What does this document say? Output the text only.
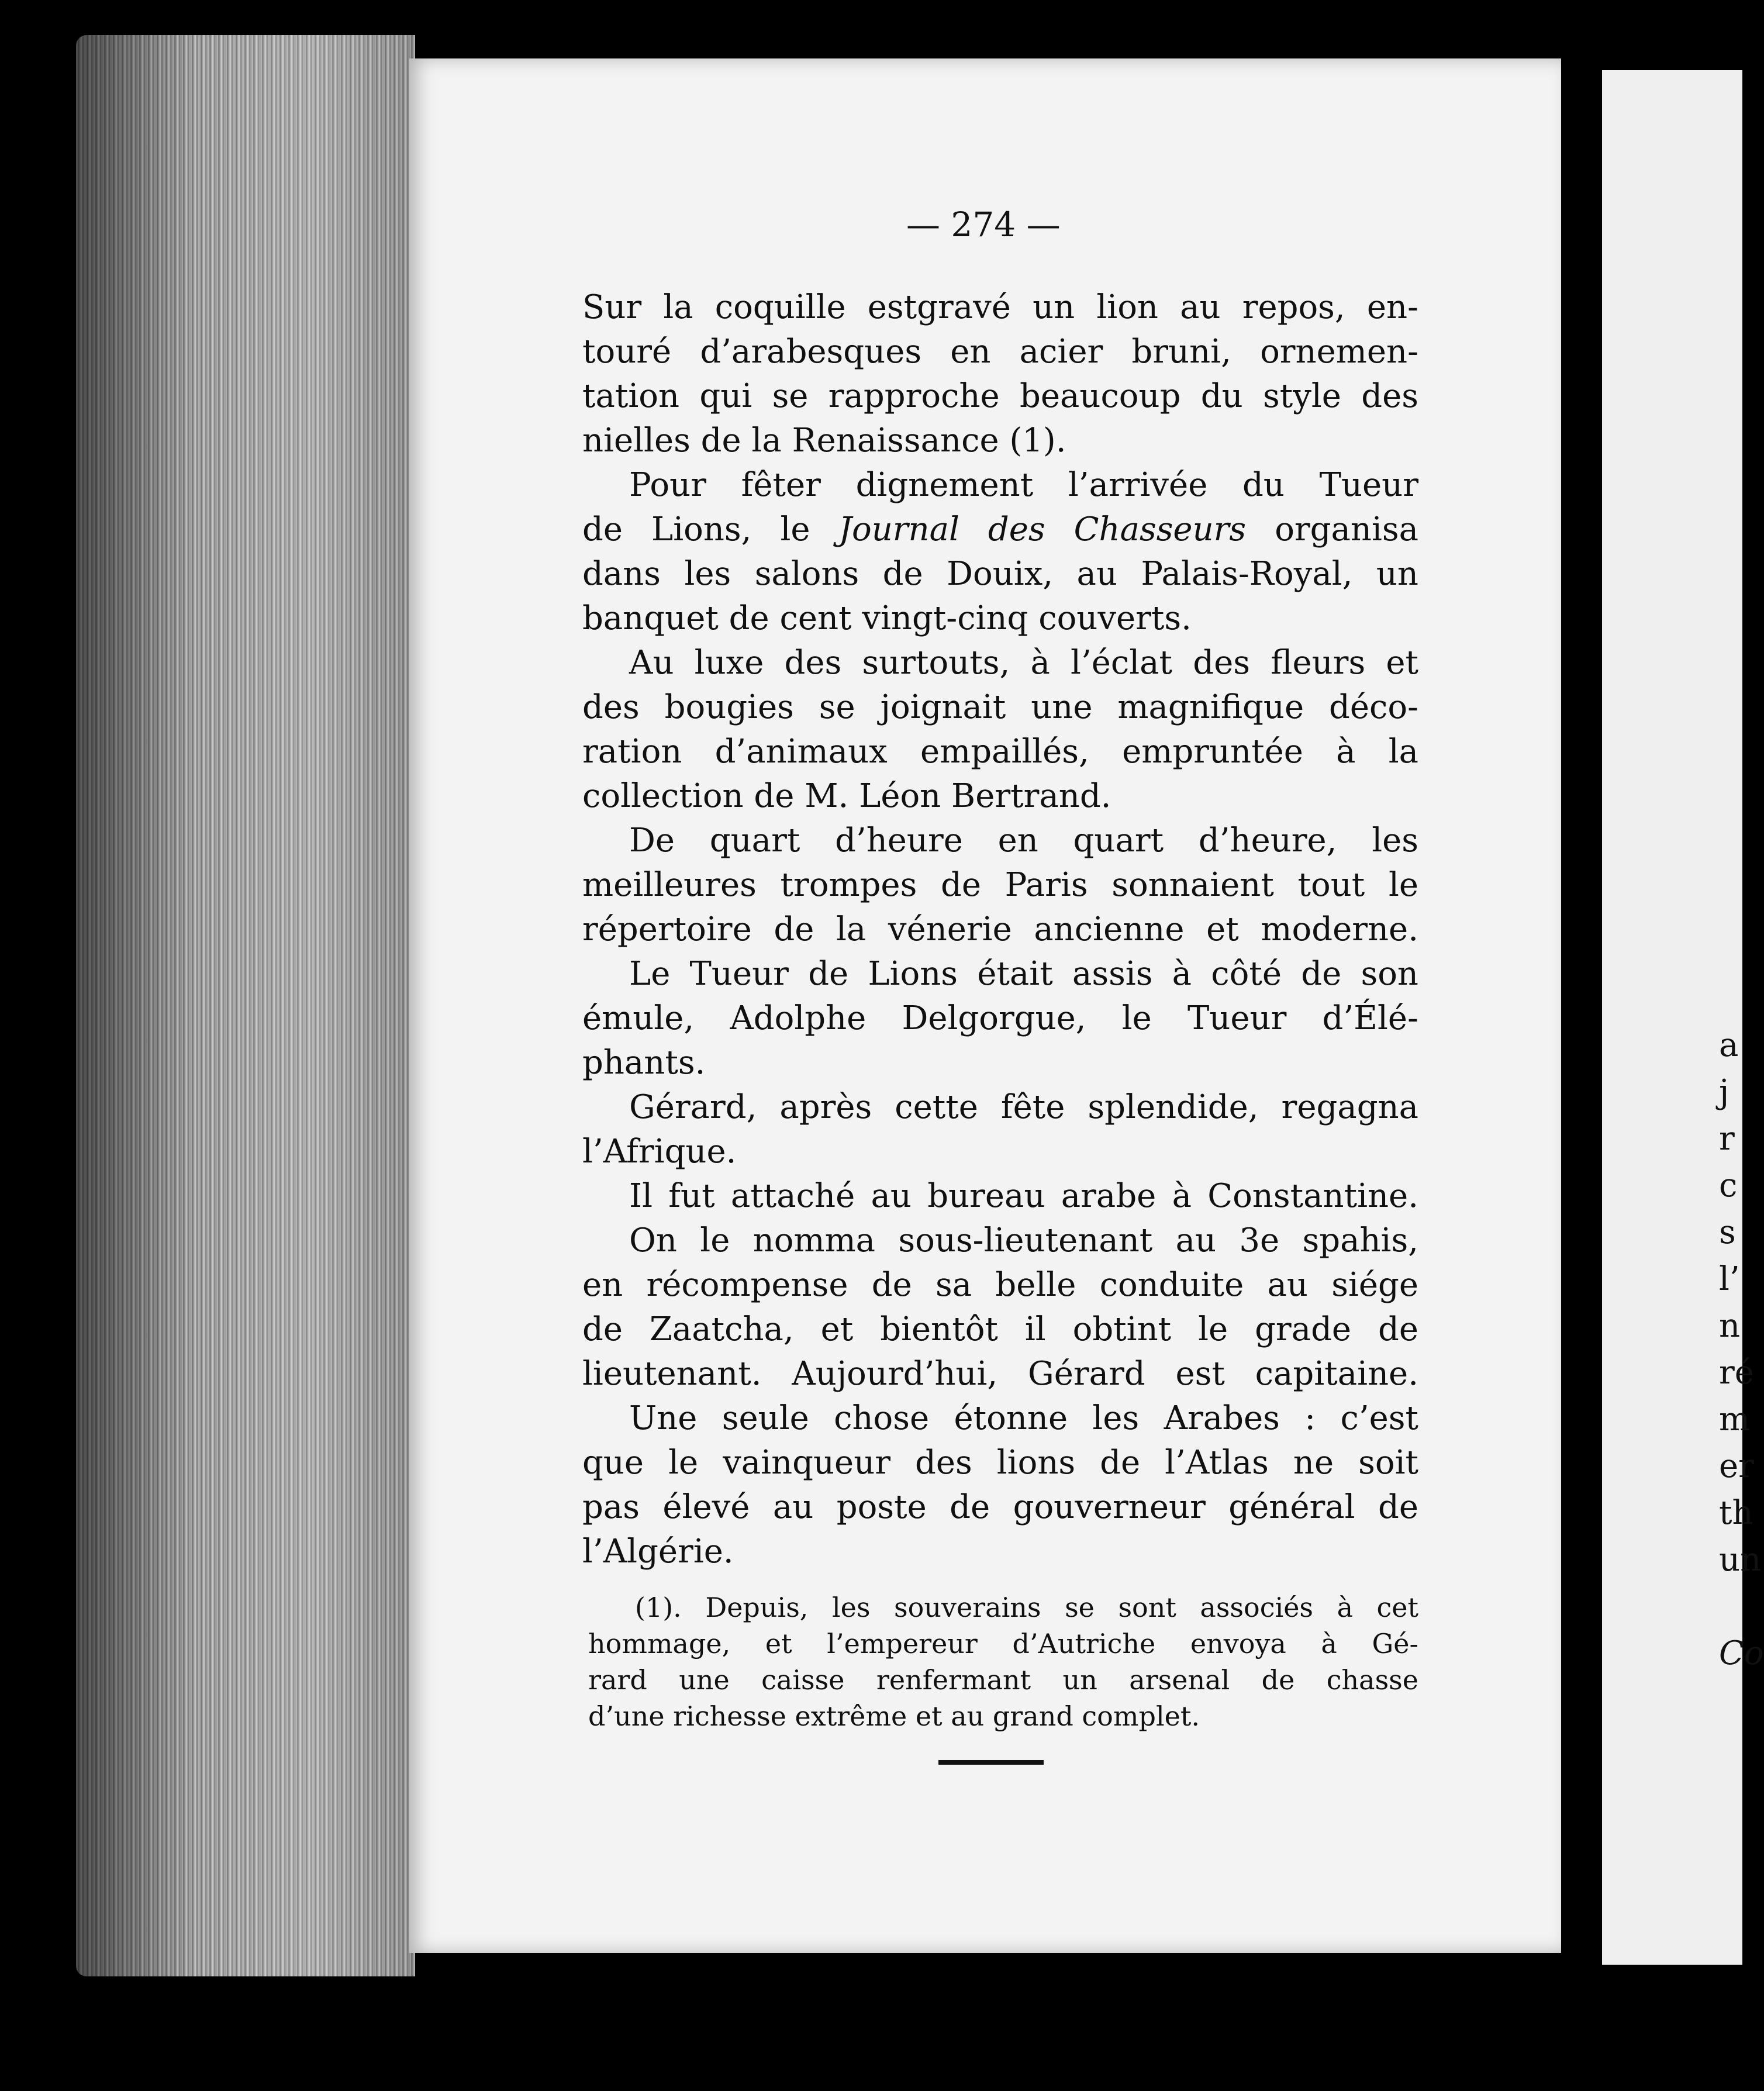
a
j
r
c
s
l’
n
ré
m
er
th
un
Co
— 274 —
Sur la coquille estgravé un lion au repos, en-
touré d’arabesques en acier bruni, ornemen-
tation qui se rapproche beaucoup du style des
nielles de la Renaissance (1).
Pour fêter dignement l’arrivée du Tueur
de Lions, le Journal des Chasseurs organisa
dans les salons de Douix, au Palais-Royal, un
banquet de cent vingt-cinq couverts.
Au luxe des surtouts, à l’éclat des fleurs et
des bougies se joignait une magnifique déco-
ration d’animaux empaillés, empruntée à la
collection de M. Léon Bertrand.
De quart d’heure en quart d’heure, les
meilleures trompes de Paris sonnaient tout le
répertoire de la vénerie ancienne et moderne.
Le Tueur de Lions était assis à côté de son
émule, Adolphe Delgorgue, le Tueur d’Élé-
phants.
Gérard, après cette fête splendide, regagna
l’Afrique.
Il fut attaché au bureau arabe à Constantine.
On le nomma sous-lieutenant au 3e spahis,
en récompense de sa belle conduite au siége
de Zaatcha, et bientôt il obtint le grade de
lieutenant. Aujourd’hui, Gérard est capitaine.
Une seule chose étonne les Arabes : c’est
que le vainqueur des lions de l’Atlas ne soit
pas élevé au poste de gouverneur général de
l’Algérie.
(1). Depuis, les souverains se sont associés à cet
hommage, et l’empereur d’Autriche envoya à Gé-
rard une caisse renfermant un arsenal de chasse
d’une richesse extrême et au grand complet.
